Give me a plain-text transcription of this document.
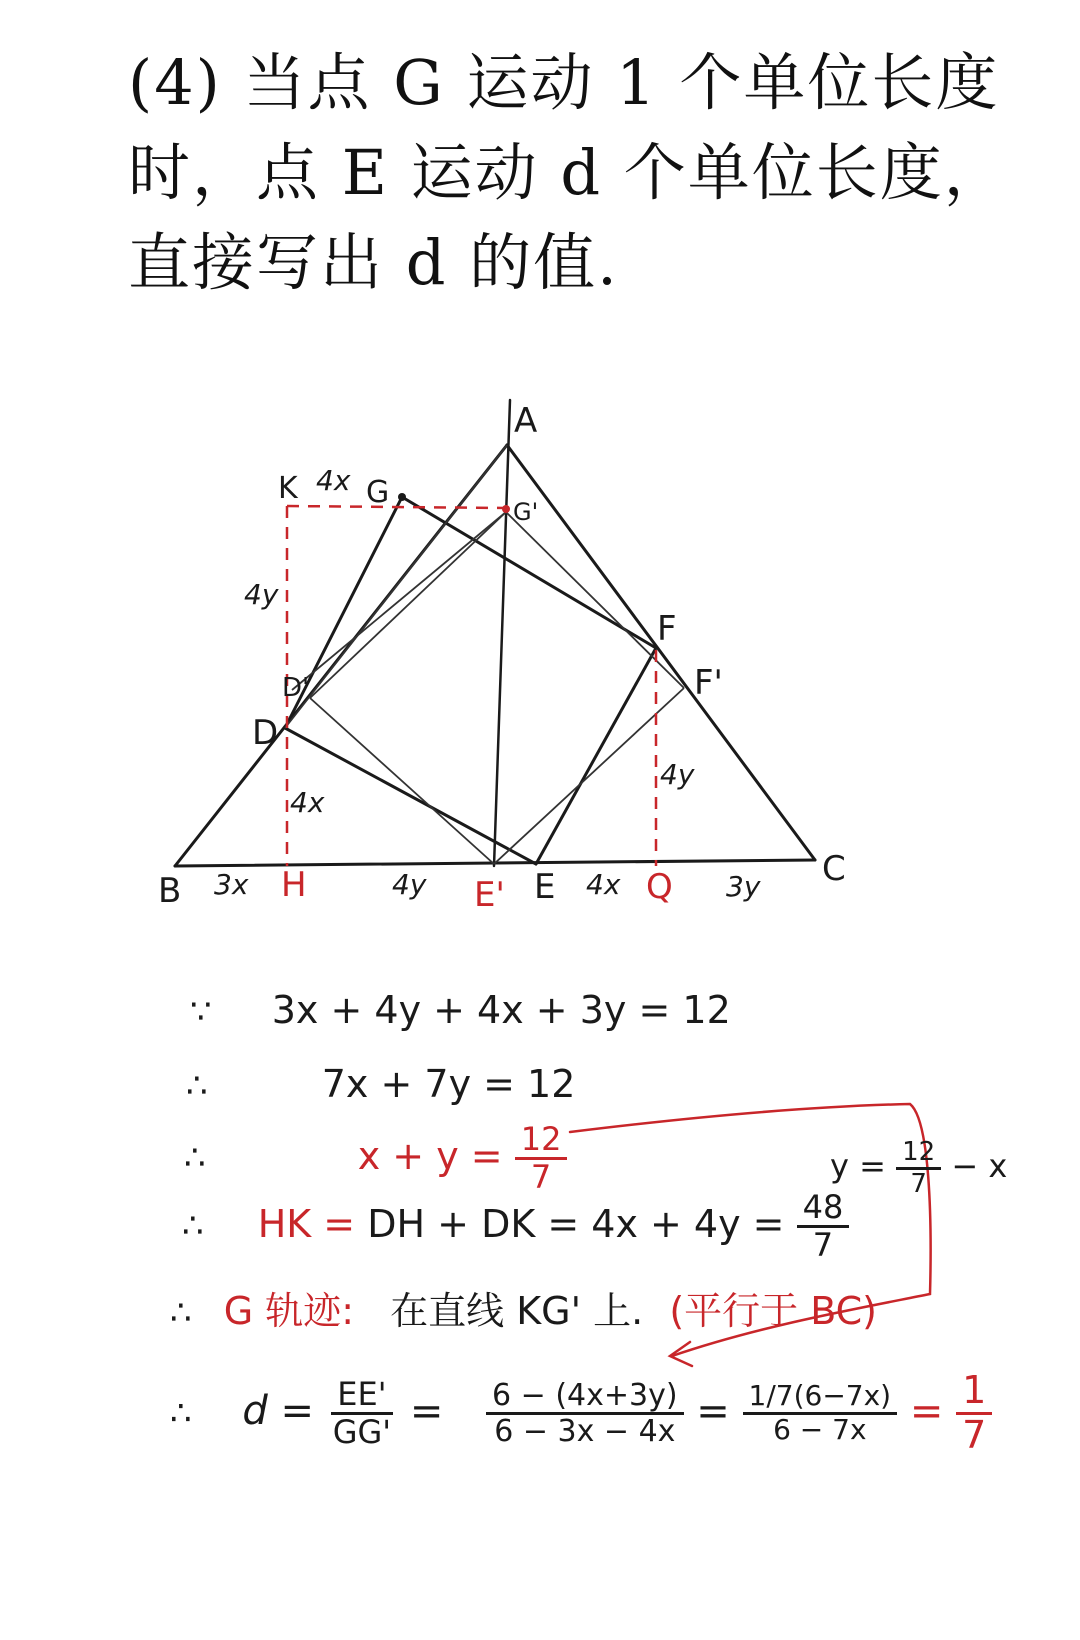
(4) 当点 G 运动 1 个单位长度
时，点 E 运动 d 个单位长度，
直接写出 d 的值.
A
K G
G'
F
F'
D'
D
B	E	C
H	E'	Q
4x
4y
4x
4y
3x	4y	4x	3y
∵ 3x + 4y + 4x + 3y = 12
∴	7x + 7y = 12
∴	$x + y = \frac{12}{7}$	$y = \frac{12}{7} - x$
∴ HK = DH + DK = $4x + 4y = \frac{48}{7}$
∴ G 轨迹: 在直线 KG' 上. (平行于 BC)
∴ $d = \frac{EE'}{GG'} = \frac{6 - (4x+3y)}{6 - 3x - 4x} = \frac{1/7(6-7x)}{6 - 7x} = \frac{1}{7}$
